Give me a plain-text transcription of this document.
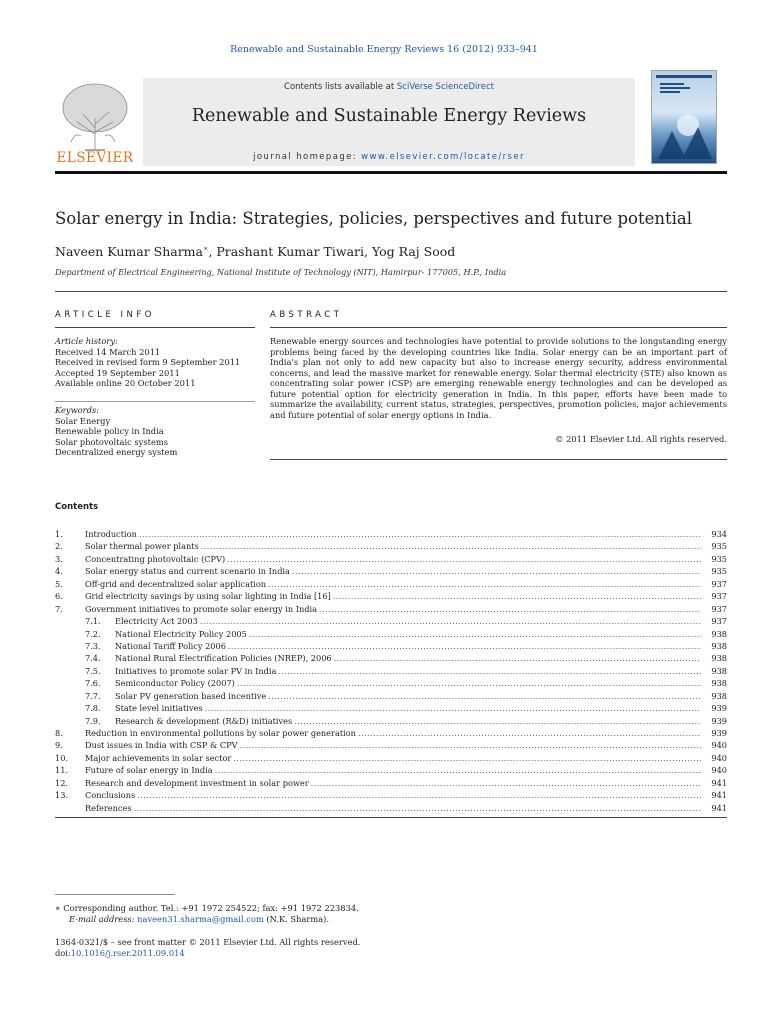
Renewable and Sustainable Energy Reviews 16 (2012) 933–941
ELSEVIER
Contents lists available at SciVerse ScienceDirect
Renewable and Sustainable Energy Reviews
journal homepage: www.elsevier.com/locate/rser
Solar energy in India: Strategies, policies, perspectives and future potential
Naveen Kumar Sharma∗, Prashant Kumar Tiwari, Yog Raj Sood
Department of Electrical Engineering, National Institute of Technology (NIT), Hamirpur- 177005, H.P., India
ARTICLE INFO	ABSTRACT
Article history:
Received 14 March 2011
Received in revised form 9 September 2011
Accepted 19 September 2011
Available online 20 October 2011
Keywords:
Solar Energy
Renewable policy in India
Solar photovoltaic systems
Decentralized energy system
Renewable energy sources and technologies have potential to provide solutions to the longstanding energy problems being faced by the developing countries like India. Solar energy can be an important part of India's plan not only to add new capacity but also to increase energy security, address environmental concerns, and lead the massive market for renewable energy. Solar thermal electricity (STE) also known as concentrating solar power (CSP) are emerging renewable energy technologies and can be developed as future potential option for electricity generation in India. In this paper, efforts have been made to summarize the availability, current status, strategies, perspectives, promotion policies, major achievements and future potential of solar energy options in India.
© 2011 Elsevier Ltd. All rights reserved.
Contents
1.	Introduction . . .	934
2.	Solar thermal power plants . . .	935
3.	Concentrating photovoltaic (CPV) . . .	935
4.	Solar energy status and current scenario in India . . .	935
5.	Off-grid and decentralized solar application . . .	937
6.	Grid electricity savings by using solar lighting in India [16] . . .	937
7.	Government initiatives to promote solar energy in India . . .	937
7.1.	Electricity Act 2003 . . .	937
7.2.	National Electricity Policy 2005 . . .	938
7.3.	National Tariff Policy 2006 . . .	938
7.4.	National Rural Electrification Policies (NREP), 2006 . . .	938
7.5.	Initiatives to promote solar PV in India . . .	938
7.6.	Semiconductor Policy (2007) . . .	938
7.7.	Solar PV generation based incentive . . .	938
7.8.	State level initiatives . . .	939
7.9.	Research & development (R&D) initiatives . . .	939
8.	Reduction in environmental pollutions by solar power generation . . .	939
9.	Dust issues in India with CSP & CPV . . .	940
10.	Major achievements in solar sector . . .	940
11.	Future of solar energy in India . . .	940
12.	Research and development investment in solar power . . .	941
13.	Conclusions . . .	941
References . . .	941
∗ Corresponding author. Tel.: +91 1972 254522; fax: +91 1972 223834.
E-mail address: naveen31.sharma@gmail.com (N.K. Sharma).
1364-0321/$ – see front matter © 2011 Elsevier Ltd. All rights reserved.
doi:10.1016/j.rser.2011.09.014
